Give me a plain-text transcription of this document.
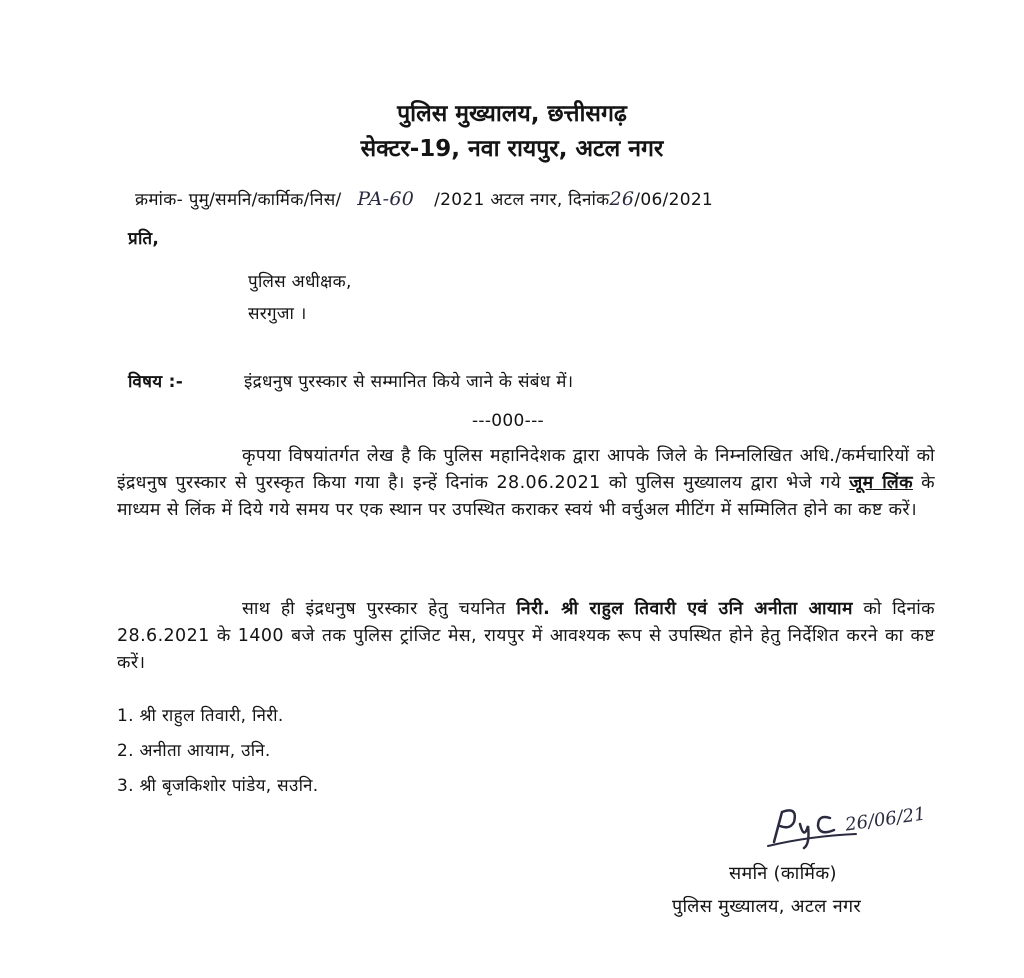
पुलिस मुख्यालय, छत्तीसगढ़
सेक्टर-19, नवा रायपुर, अटल नगर
क्रमांक- पुमु/समनि/कार्मिक/निस/ PA-60 /2021 अटल नगर, दिनांक26/06/2021
प्रति,
पुलिस अधीक्षक,
सरगुजा ।
विषय :-	इंद्रधनुष पुरस्कार से सम्मानित किये जाने के संबंध में।
---000---
कृपया विषयांतर्गत लेख है कि पुलिस महानिदेशक द्वारा आपके जिले के निम्नलिखित अधि./कर्मचारियों को इंद्रधनुष पुरस्कार से पुरस्कृत किया गया है। इन्हें दिनांक 28.06.2021 को पुलिस मुख्यालय द्वारा भेजे गये जूम लिंक के माध्यम से लिंक में दिये गये समय पर एक स्थान पर उपस्थित कराकर स्वयं भी वर्चुअल मीटिंग में सम्मिलित होने का कष्ट करें।
साथ ही इंद्रधनुष पुरस्कार हेतु चयनित निरी. श्री राहुल तिवारी एवं उनि अनीता आयाम को दिनांक 28.6.2021 के 1400 बजे तक पुलिस ट्रांजिट मेस, रायपुर में आवश्यक रूप से उपस्थित होने हेतु निर्देशित करने का कष्ट करें।
1. श्री राहुल तिवारी, निरी.
2. अनीता आयाम, उनि.
3. श्री बृजकिशोर पांडेय, सउनि.
26/06/21
समनि (कार्मिक)
पुलिस मुख्यालय, अटल नगर
